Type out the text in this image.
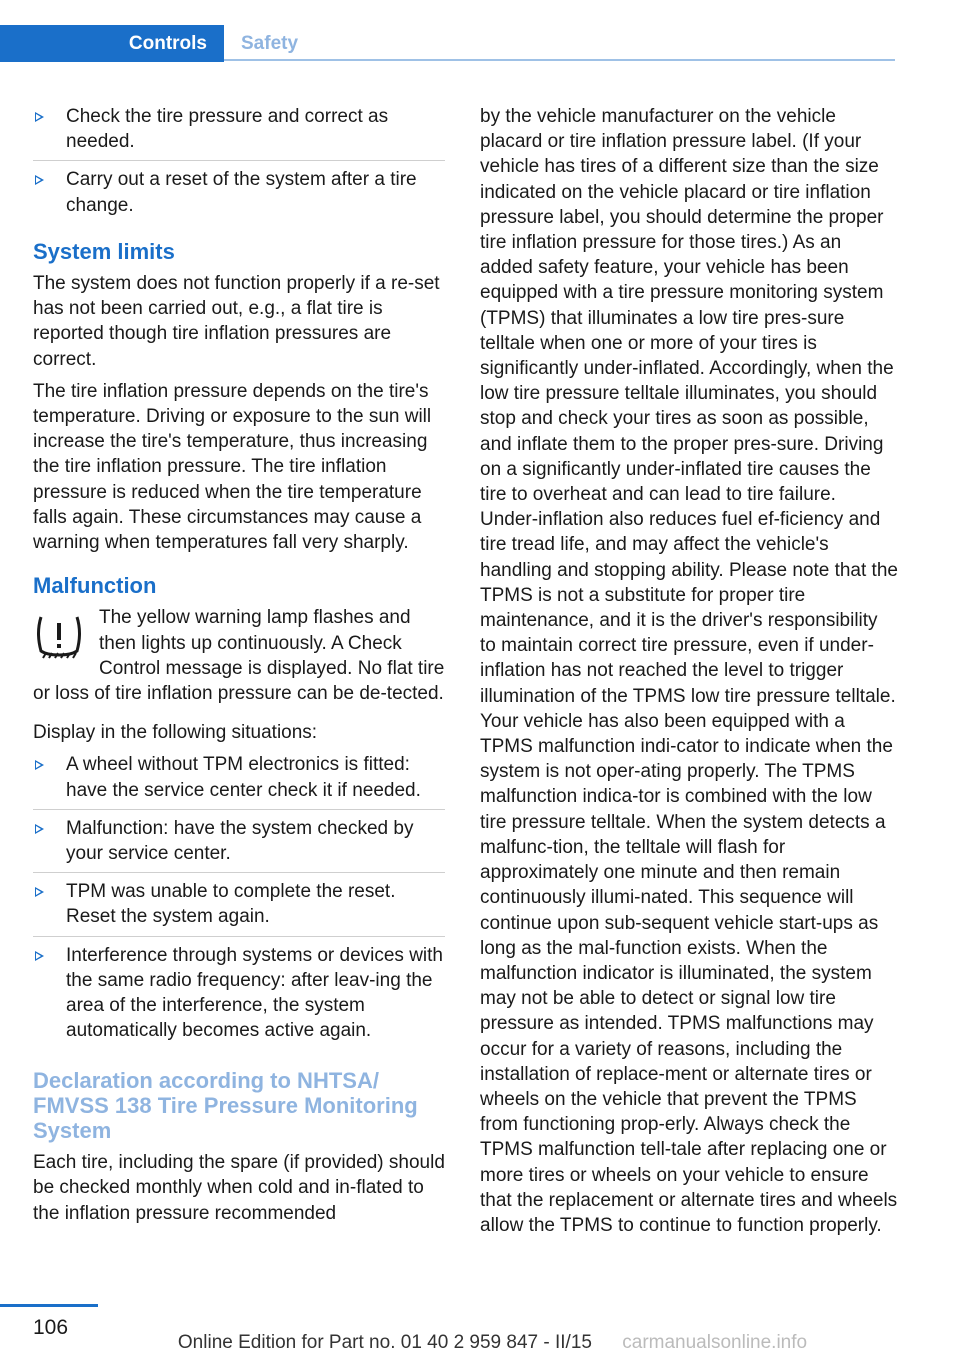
Controls	Safety
Check the tire pressure and correct as needed.
Carry out a reset of the system after a tire change.
System limits

The system does not function properly if a re‐set has not been carried out, e.g., a flat tire is reported though tire inflation pressures are correct.

The tire inflation pressure depends on the tire's temperature. Driving or exposure to the sun will increase the tire's temperature, thus increasing the tire inflation pressure. The tire inflation pressure is reduced when the tire temperature falls again. These circumstances may cause a warning when temperatures fall very sharply.

Malfunction

The yellow warning lamp flashes and then lights up continuously. A Check Control message is displayed. No flat tire or loss of tire inflation pressure can be de‐tected.

Display in the following situations:

A wheel without TPM electronics is fitted: have the service center check it if needed.
Malfunction: have the system checked by your service center.
TPM was unable to complete the reset. Reset the system again.
Interference through systems or devices with the same radio frequency: after leav‐ing the area of the interference, the system automatically becomes active again.
Declaration according to NHTSA/ FMVSS 138 Tire Pressure Monitoring System

Each tire, including the spare (if provided) should be checked monthly when cold and in‐flated to the inflation pressure recommended

by the vehicle manufacturer on the vehicle placard or tire inflation pressure label. (If your vehicle has tires of a different size than the size indicated on the vehicle placard or tire inflation pressure label, you should determine the proper tire inflation pressure for those tires.) As an added safety feature, your vehicle has been equipped with a tire pressure monitoring system (TPMS) that illuminates a low tire pres‐sure telltale when one or more of your tires is significantly under-inflated. Accordingly, when the low tire pressure telltale illuminates, you should stop and check your tires as soon as possible, and inflate them to the proper pres‐sure. Driving on a significantly under-inflated tire causes the tire to overheat and can lead to tire failure. Under-inflation also reduces fuel ef‐ficiency and tire tread life, and may affect the vehicle's handling and stopping ability. Please note that the TPMS is not a substitute for proper tire maintenance, and it is the driver's responsibility to maintain correct tire pressure, even if under-inflation has not reached the level to trigger illumination of the TPMS low tire pressure telltale. Your vehicle has also been equipped with a TPMS malfunction indi‐cator to indicate when the system is not oper‐ating properly. The TPMS malfunction indica‐tor is combined with the low tire pressure telltale. When the system detects a malfunc‐tion, the telltale will flash for approximately one minute and then remain continuously illumi‐nated. This sequence will continue upon sub‐sequent vehicle start-ups as long as the mal‐function exists. When the malfunction indicator is illuminated, the system may not be able to detect or signal low tire pressure as intended. TPMS malfunctions may occur for a variety of reasons, including the installation of replace‐ment or alternate tires or wheels on the vehicle that prevent the TPMS from functioning prop‐erly. Always check the TPMS malfunction tell‐tale after replacing one or more tires or wheels on your vehicle to ensure that the replacement or alternate tires and wheels allow the TPMS to continue to function properly.

106
Online Edition for Part no. 01 40 2 959 847 - II/15 carmanualsonline.info
